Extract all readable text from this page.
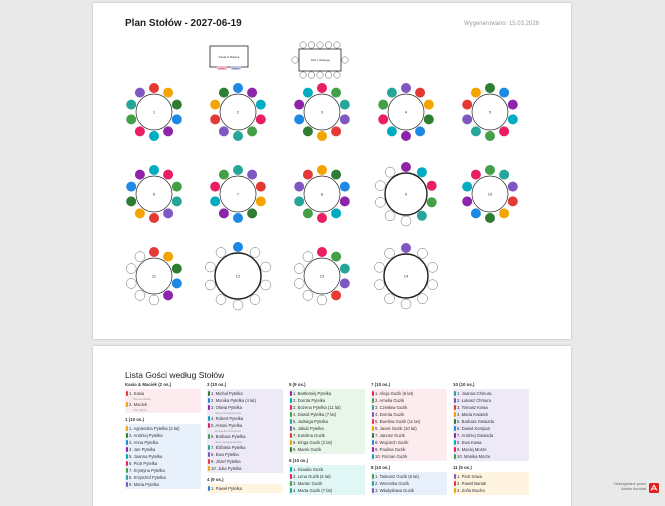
Plan Stołów - 2027-06-19	Wygenerowano: 15.03.2026
Kasia & Maciek
Kasia	Maciek
Stół z obsługą
1	2	3	4	5
6	7	8	9	10
11	12	13	14
Lista Gości według Stołów
Kasia & Maciek (2 os.)
1. Kasia
Panna Młoda
2. Maciek
Pan Młody
1 (10 os.)
1. Agnieszka Pytelka (3 lat)
2. Andrzej Pytelka
3. Anna Pytelka
4. Jan Pytelka
5. Joanna Pytelka
6. Piotr Pytelka
7. Krystyna Pytelka
8. Krzysztof Pytelka
9. Maria Pytelka
3 (10 os.)
1. Michał Pytelka
2. Monika Pytelka (4 lat)
3. Oliwia Pytelka
dieta bezglutenowa
4. Robert Pytelka
5. Antoni Pytelka
krzesełko dziecięce
6. Barbara Pytelka
dieta wegetariańska
7. Elżbieta Pytelka
8. Ewa Pytelka
9. Józef Pytelka
10. Julia Pytelka
4 (9 os.)
1. Paweł Pytelka
5 (9 os.)
1. Bartłomiej Pytelka
2. Dorota Pytelka
3. Bożena Pytelka (11 lat)
4. Dawid Pytelka (7 lat)
5. Jadwiga Pytelka
6. Jakub Pytelka
7. Karolina Guzik
8. Kinga Guzik (2 lat)
9. Marek Guzik
6 (10 os.)
1. Klaudia Guzik
2. Lena Guzik (6 lat)
3. Marian Guzik
4. Marta Guzik (7 lat)
7 (10 os.)
1. Alicja Guzik (6 lat)
2. Amelia Guzik
3. Czesław Guzik
4. Dorota Guzik
5. Ewelina Guzik (11 lat)
6. Jacek Guzik (10 lat)
7. Janusz Guzik
8. Wojciech Guzik
9. Paulina Guzik
10. Roman Guzik
8 (10 os.)
1. Tadeusz Guzik (6 lat)
2. Weronika Guzik
3. Władysława Guzik
10 (10 os.)
1. Joanna Chmura
2. Łukasz Chmura
3. Tomasz Kowa
4. Maria Kwiatek
5. Barbara Gwiazda
6. Dawid Kompas
7. Andrzej Gwiazda
8. Ewa Kawa
9. Maciej Morze
10. Monika Morze
11 (5 os.)
1. Piotr Sowa
2. Paweł Bariak
3. Zofia Mucha
Obsługiwane przez
Adobe Acrobat
